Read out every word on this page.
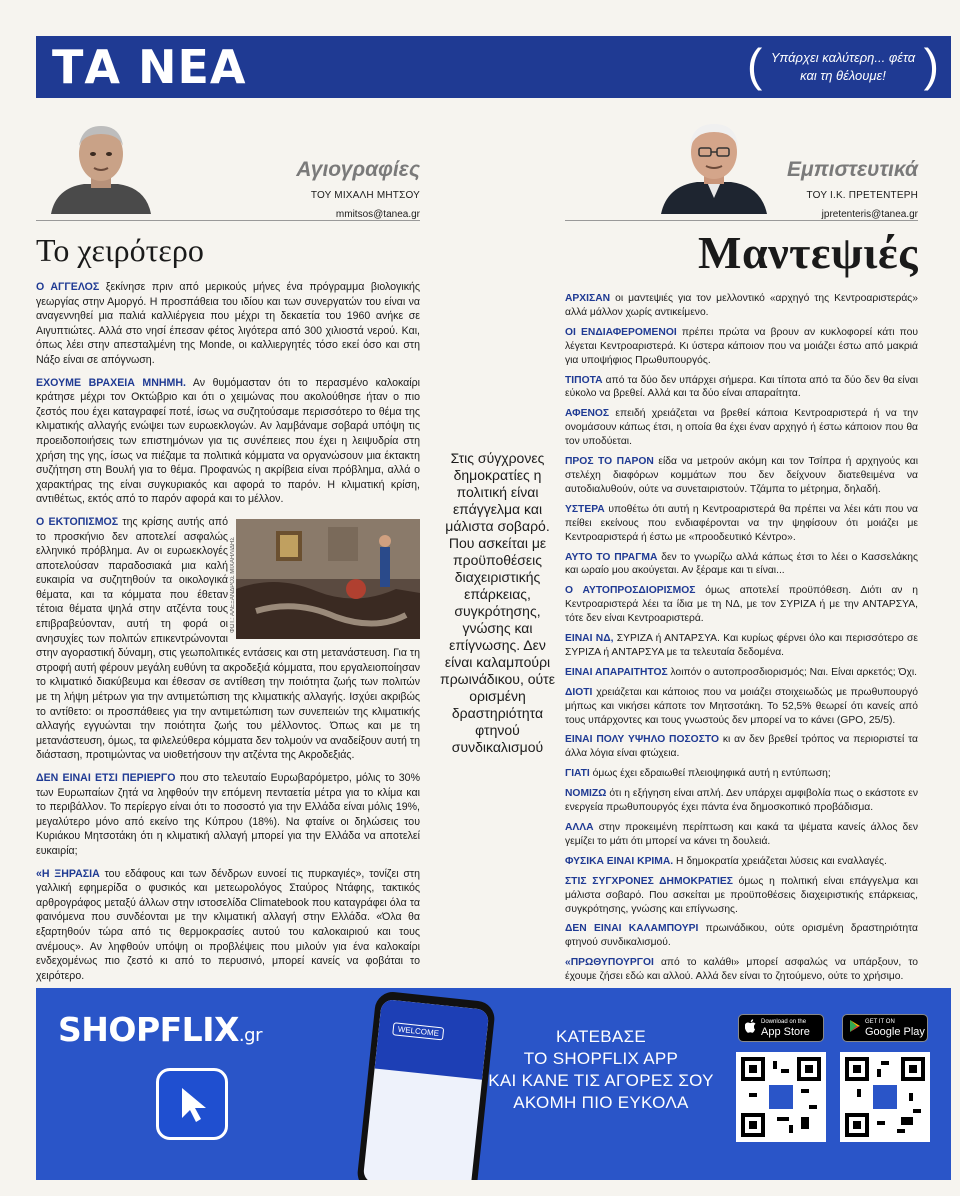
ΤΑ ΝΕΑ	( Υπάρχει καλύτερη... φέτα
και τη θέλουμε! )
Αγιογραφίες
ΤΟΥ ΜΙΧΑΛΗ ΜΗΤΣΟΥ
mmitsos@tanea.gr
Εμπιστευτικά
ΤΟΥ Ι.Κ. ΠΡΕΤΕΝΤΕΡΗ
jpretenteris@tanea.gr
Το χειρότερο	Μαντεψιές

Ο ΑΓΓΕΛΟΣ ξεκίνησε πριν από μερικούς μήνες ένα πρόγραμμα βιολογικής γεωργίας στην Αμοργό. Η προσπάθεια του ιδίου και των συνεργατών του είναι να αναγεννηθεί μια παλιά καλλιέργεια που μέχρι τη δεκαετία του 1960 ανήκε σε Αιγυπτιώτες. Αλλά στο νησί έπεσαν φέτος λιγότερα από 300 χιλιοστά νερού. Και, όπως λέει στην απεσταλμένη της Monde, οι καλλιεργητές τόσο εκεί όσο και στη Νάξο είναι σε απόγνωση.

ΕΧΟΥΜΕ ΒΡΑΧΕΙΑ ΜΝΗΜΗ. Αν θυμόμασταν ότι το περασμένο καλοκαίρι κράτησε μέχρι τον Οκτώβριο και ότι ο χειμώνας που ακολούθησε ήταν ο πιο ζεστός που έχει καταγραφεί ποτέ, ίσως να συζητούσαμε περισσότερο το θέμα της κλιματικής αλλαγής ενώψει των ευρωεκλογών. Αν λαμβάναμε σοβαρά υπόψη τις προειδοποιήσεις των επιστημόνων για τις συνέπειες που έχει η λειψυδρία στη χρήση της γης, ίσως να πιέζαμε τα πολιτικά κόμματα να οργανώσουν μια έκτακτη συζήτηση στη Βουλή για το θέμα. Προφανώς η ακρίβεια είναι πρόβλημα, αλλά ο χαρακτήρας της είναι συγκυριακός και αφορά το παρόν. Η κλιματική κρίση, αντιθέτως, εκτός από το παρόν αφορά και το μέλλον.

ΦΩΤ.: ΑΛΕΞΑΝΔΡΟΣ ΜΙΧΑΗΛΙΔΗΣ
Ο ΕΚΤΟΠΙΣΜΟΣ της κρίσης αυτής από το προσκήνιο δεν αποτελεί ασφαλώς ελληνικό πρόβλημα. Αν οι ευρωεκλογές αποτελούσαν παραδοσιακά μια καλή ευκαιρία να συζητηθούν τα οικολογικά θέματα, και τα κόμματα που έθεταν τέτοια θέματα ψηλά στην ατζέντα τους επιβραβεύονταν, αυτή τη φορά οι ανησυχίες των πολιτών επικεντρώνονται στην αγοραστική δύναμη, στις γεωπολιτικές εντάσεις και στη μετανάστευση. Για τη στροφή αυτή φέρουν μεγάλη ευθύνη τα ακροδεξιά κόμματα, που εργαλειοποίησαν το κλιματικό διακύβευμα και έθεσαν σε αντίθεση την ποιότητα ζωής των πολιτών με τη λήψη μέτρων για την αντιμετώπιση της κλιματικής αλλαγής. Ισχύει ακριβώς το αντίθετο: οι προσπάθειες για την αντιμετώπιση των συνεπειών της κλιματικής αλλαγής εγγυώνται την ποιότητα ζωής του μέλλοντος. Όπως και με τη μετανάστευση, όμως, τα φιλελεύθερα κόμματα δεν τολμούν να αναδείξουν αυτή τη διάσταση, προτιμώντας να υιοθετήσουν την ατζέντα της Ακροδεξιάς.

ΔΕΝ ΕΙΝΑΙ ΕΤΣΙ ΠΕΡΙΕΡΓΟ που στο τελευταίο Ευρωβαρόμετρο, μόλις το 30% των Ευρωπαίων ζητά να ληφθούν την επόμενη πενταετία μέτρα για το κλίμα και το περιβάλλον. Το περίεργο είναι ότι το ποσοστό για την Ελλάδα είναι μόλις 19%, μεγαλύτερο μόνο από εκείνο της Κύπρου (18%). Να φταίνε οι δηλώσεις του Κυριάκου Μητσοτάκη ότι η κλιματική αλλαγή μπορεί για την Ελλάδα να αποτελεί ευκαιρία;

«Η ΞΗΡΑΣΙΑ του εδάφους και των δένδρων ευνοεί τις πυρκαγιές», τονίζει στη γαλλική εφημερίδα ο φυσικός και μετεωρολόγος Σταύρος Ντάφης, τακτικός αρθρογράφος μεταξύ άλλων στην ιστοσελίδα Climatebook που καταγράφει όλα τα φαινόμενα που συνδέονται με την κλιματική αλλαγή στην Ελλάδα. «Όλα θα εξαρτηθούν τώρα από τις θερμοκρασίες αυτού του καλοκαιριού και τους ανέμους». Αν ληφθούν υπόψη οι προβλέψεις που μιλούν για ένα καλοκαίρι ενδεχομένως πιο ζεστό κι από το περυσινό, μπορεί κανείς να φοβάται το χειρότερο.

Στις σύγχρονες δημοκρατίες η πολιτική είναι επάγγελμα και μάλιστα σοβαρό. Που ασκείται με προϋποθέσεις διαχειριστικής επάρκειας, συγκρότησης, γνώσης και επίγνωσης. Δεν είναι καλαμπούρι πρωινάδικου, ούτε ορισμένη δραστηριότητα φτηνού συνδικαλισμού

ΑΡΧΙΣΑΝ οι μαντεψιές για τον μελλοντικό «αρχηγό της Κεντροαριστεράς» αλλά μάλλον χωρίς αντικείμενο.

ΟΙ ΕΝΔΙΑΦΕΡΟΜΕΝΟΙ πρέπει πρώτα να βρουν αν κυκλοφορεί κάτι που λέγεται Κεντροαριστερά. Κι ύστερα κάποιον που να μοιάζει έστω από μακριά για υποψήφιος Πρωθυπουργός.

ΤΙΠΟΤΑ από τα δύο δεν υπάρχει σήμερα. Και τίποτα από τα δύο δεν θα είναι εύκολο να βρεθεί. Αλλά και τα δύο είναι απαραίτητα.

ΑΦΕΝΟΣ επειδή χρειάζεται να βρεθεί κάποια Κεντροαριστερά ή να την ονομάσουν κάπως έτσι, η οποία θα έχει έναν αρχηγό ή έστω κάποιον που θα τον υποδύεται.

ΠΡΟΣ ΤΟ ΠΑΡΟΝ είδα να μετρούν ακόμη και τον Τσίπρα ή αρχηγούς και στελέχη διαφόρων κομμάτων που δεν δείχνουν διατεθειμένα να αυτοδιαλυθούν, ούτε να συνεταιριστούν. Τζάμπα το μέτρημα, δηλαδή.

ΥΣΤΕΡΑ υποθέτω ότι αυτή η Κεντροαριστερά θα πρέπει να λέει κάτι που να πείθει εκείνους που ενδιαφέρονται να την ψηφίσουν ότι μοιάζει με Κεντροαριστερά ή έστω με «προοδευτικό Κέντρο».

ΑΥΤΟ ΤΟ ΠΡΑΓΜΑ δεν το γνωρίζω αλλά κάπως έτσι το λέει ο Κασσελάκης και ωραίο μου ακούγεται. Αν ξέραμε και τι είναι...

Ο ΑΥΤΟΠΡΟΣΔΙΟΡΙΣΜΟΣ όμως αποτελεί προϋπόθεση. Διότι αν η Κεντροαριστερά λέει τα ίδια με τη ΝΔ, με τον ΣΥΡΙΖΑ ή με την ΑΝΤΑΡΣΥΑ, τότε δεν είναι Κεντροαριστερά.

ΕΙΝΑΙ ΝΔ, ΣΥΡΙΖΑ ή ΑΝΤΑΡΣΥΑ. Και κυρίως φέρνει όλο και περισσότερο σε ΣΥΡΙΖΑ ή ΑΝΤΑΡΣΥΑ με τα τελευταία δεδομένα.

ΕΙΝΑΙ ΑΠΑΡΑΙΤΗΤΟΣ λοιπόν ο αυτοπροσδιορισμός; Ναι. Είναι αρκετός; Όχι.

ΔΙΟΤΙ χρειάζεται και κάποιος που να μοιάζει στοιχειωδώς με πρωθυπουργό μήπως και νικήσει κάποτε τον Μητσοτάκη. Το 52,5% θεωρεί ότι κανείς από τους υπάρχοντες και τους γνωστούς δεν μπορεί να το κάνει (GPO, 25/5).

ΕΙΝΑΙ ΠΟΛΥ ΥΨΗΛΟ ΠΟΣΟΣΤΟ κι αν δεν βρεθεί τρόπος να περιοριστεί τα άλλα λόγια είναι φτώχεια.

ΓΙΑΤΙ όμως έχει εδραιωθεί πλειοψηφικά αυτή η εντύπωση;

ΝΟΜΙΖΩ ότι η εξήγηση είναι απλή. Δεν υπάρχει αμφιβολία πως ο εκάστοτε εν ενεργεία πρωθυπουργός έχει πάντα ένα δημοσκοπικό προβάδισμα.

ΑΛΛΑ στην προκειμένη περίπτωση και κακά τα ψέματα κανείς άλλος δεν γεμίζει το μάτι ότι μπορεί να κάνει τη δουλειά.

ΦΥΣΙΚΑ ΕΙΝΑΙ ΚΡΙΜΑ. Η δημοκρατία χρειάζεται λύσεις και εναλλαγές.

ΣΤΙΣ ΣΥΓΧΡΟΝΕΣ ΔΗΜΟΚΡΑΤΙΕΣ όμως η πολιτική είναι επάγγελμα και μάλιστα σοβαρό. Που ασκείται με προϋποθέσεις διαχειριστικής επάρκειας, συγκρότησης, γνώσης και επίγνωσης.

ΔΕΝ ΕΙΝΑΙ ΚΑΛΑΜΠΟΥΡΙ πρωινάδικου, ούτε ορισμένη δραστηριότητα φτηνού συνδικαλισμού.

«ΠΡΩΘΥΠΟΥΡΓΟΙ από το καλάθι» μπορεί ασφαλώς να υπάρξουν, το έχουμε ζήσει εδώ και αλλού. Αλλά δεν είναι το ζητούμενο, ούτε το χρήσιμο.

SHOPFLIX.gr	WELCOME	ΚΑΤΕΒΑΣΕ
ΤΟ SHOPFLIX APP
ΚΑΙ ΚΑΝΕ ΤΙΣ ΑΓΟΡΕΣ ΣΟΥ
ΑΚΟΜΗ ΠΙΟ ΕΥΚΟΛΑ
Download on the
App Store
GET IT ON
Google Play
